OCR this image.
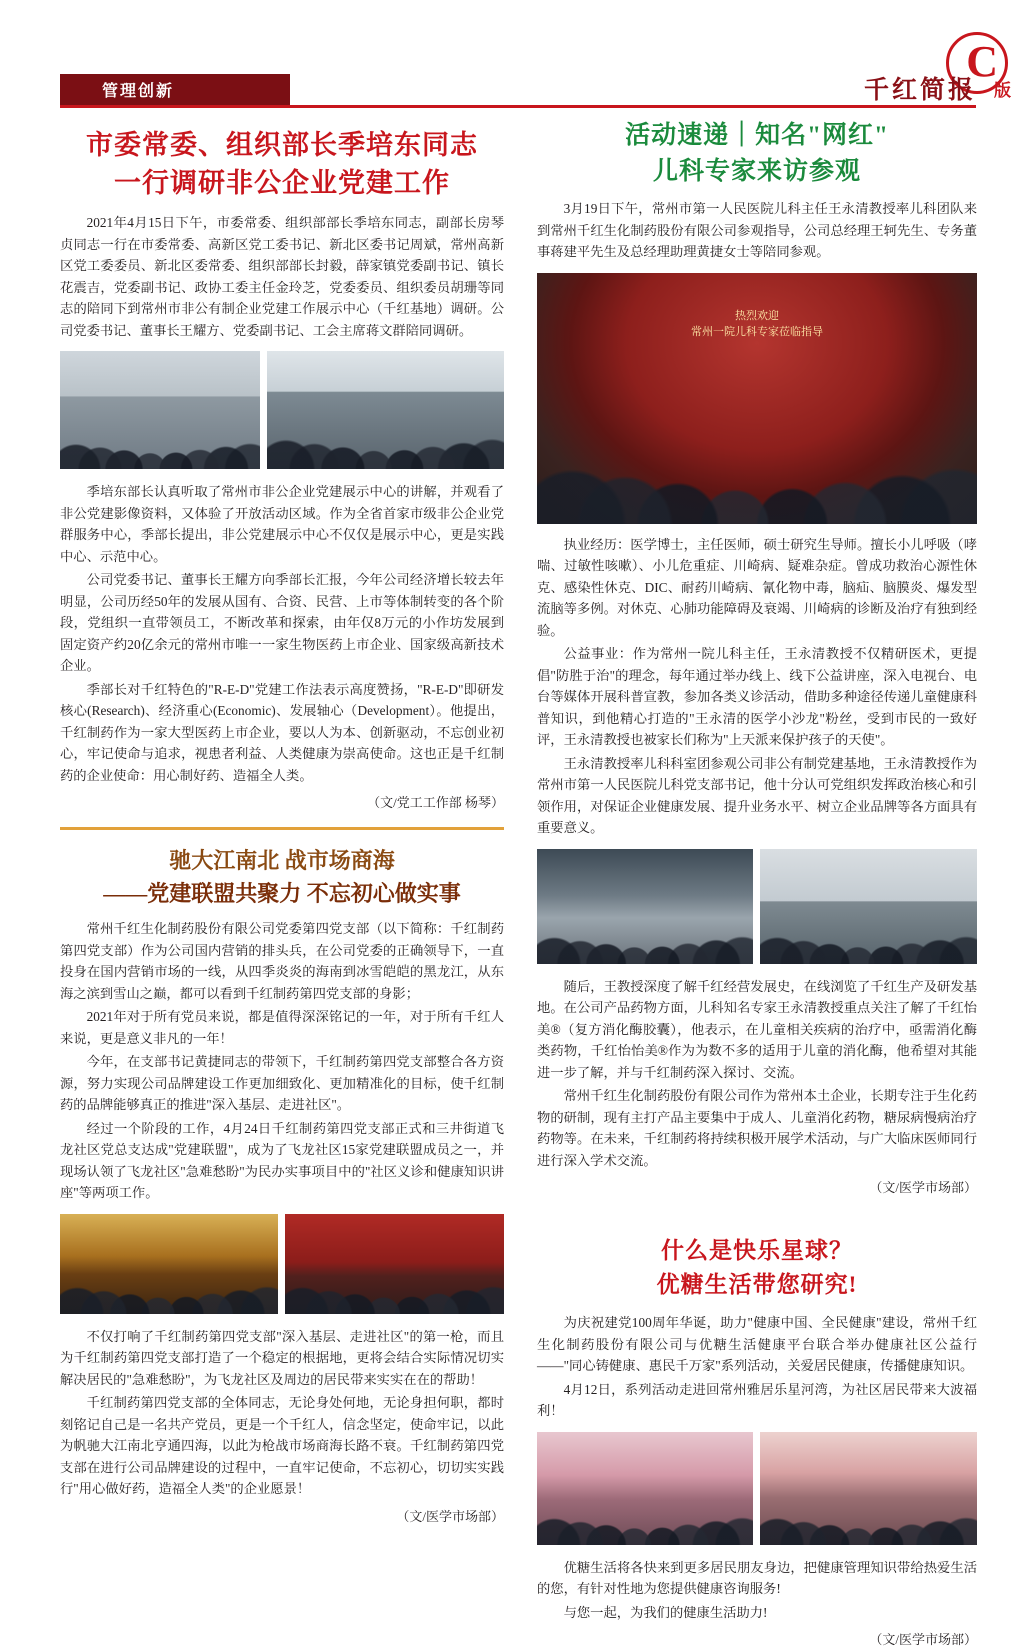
C
版
管理创新	千红简报
市委常委、组织部长季培东同志
一行调研非公企业党建工作

2021年4月15日下午，市委常委、组织部部长季培东同志，副部长房琴贞同志一行在市委常委、高新区党工委书记、新北区委书记周斌，常州高新区党工委委员、新北区委常委、组织部部长封毅，薛家镇党委副书记、镇长花震吉，党委副书记、政协工委主任金玲芝，党委委员、组织委员胡珊等同志的陪同下到常州市非公有制企业党建工作展示中心（千红基地）调研。公司党委书记、董事长王耀方、党委副书记、工会主席蒋文群陪同调研。

季培东部长认真听取了常州市非公企业党建展示中心的讲解，并观看了非公党建影像资料，又体验了开放活动区域。作为全省首家市级非公企业党群服务中心，季部长提出，非公党建展示中心不仅仅是展示中心，更是实践中心、示范中心。

公司党委书记、董事长王耀方向季部长汇报，今年公司经济增长较去年明显，公司历经50年的发展从国有、合资、民营、上市等体制转变的各个阶段，党组织一直带领员工，不断改革和探索，由年仅8万元的小作坊发展到固定资产约20亿余元的常州市唯一一家生物医药上市企业、国家级高新技术企业。

季部长对千红特色的"R-E-D"党建工作法表示高度赞扬，"R-E-D"即研发核心(Research)、经济重心(Economic)、发展轴心（Development）。他提出，千红制药作为一家大型医药上市企业，要以人为本、创新驱动，不忘创业初心，牢记使命与追求，视患者利益、人类健康为崇高使命。这也正是千红制药的企业使命：用心制好药、造福全人类。

（文/党工工作部 杨琴）

驰大江南北 战市场商海
——党建联盟共聚力 不忘初心做实事

常州千红生化制药股份有限公司党委第四党支部（以下简称：千红制药第四党支部）作为公司国内营销的排头兵，在公司党委的正确领导下，一直投身在国内营销市场的一线，从四季炎炎的海南到冰雪皑皑的黑龙江，从东海之滨到雪山之巅，都可以看到千红制药第四党支部的身影；

2021年对于所有党员来说，都是值得深深铭记的一年，对于所有千红人来说，更是意义非凡的一年！

今年，在支部书记黄捷同志的带领下，千红制药第四党支部整合各方资源，努力实现公司品牌建设工作更加细致化、更加精准化的目标，使千红制药的品牌能够真正的推进"深入基层、走进社区"。

经过一个阶段的工作，4月24日千红制药第四党支部正式和三井街道飞龙社区党总支达成"党建联盟"，成为了飞龙社区15家党建联盟成员之一，并现场认领了飞龙社区"急难愁盼"为民办实事项目中的"社区义诊和健康知识讲座"等两项工作。

不仅打响了千红制药第四党支部"深入基层、走进社区"的第一枪，而且为千红制药第四党支部打造了一个稳定的根据地，更将会结合实际情况切实解决居民的"急难愁盼"，为飞龙社区及周边的居民带来实实在在的帮助！

千红制药第四党支部的全体同志，无论身处何地，无论身担何职，都时刻铭记自己是一名共产党员，更是一个千红人，信念坚定，使命牢记，以此为帆驰大江南北亨通四海，以此为枪战市场商海长路不衰。千红制药第四党支部在进行公司品牌建设的过程中，一直牢记使命，不忘初心，切切实实践行"用心做好药，造福全人类"的企业愿景！

（文/医学市场部）

活动速递｜知名"网红"
儿科专家来访参观

3月19日下午，常州市第一人民医院儿科主任王永清教授率儿科团队来到常州千红生化制药股份有限公司参观指导，公司总经理王轲先生、专务董事蒋建平先生及总经理助理黄捷女士等陪同参观。

热烈欢迎
常州一院儿科专家莅临指导

执业经历：医学博士，主任医师，硕士研究生导师。擅长小儿呼吸（哮喘、过敏性咳嗽）、小儿危重症、川崎病、疑难杂症。曾成功救治心源性休克、感染性休克、DIC、耐药川崎病、氰化物中毒，脑疝、脑膜炎、爆发型流脑等多例。对休克、心肺功能障碍及衰竭、川崎病的诊断及治疗有独到经验。

公益事业：作为常州一院儿科主任，王永清教授不仅精研医术，更提倡"防胜于治"的理念，每年通过举办线上、线下公益讲座，深入电视台、电台等媒体开展科普宣教，参加各类义诊活动，借助多种途径传递儿童健康科普知识，到他精心打造的"王永清的医学小沙龙"粉丝，受到市民的一致好评，王永清教授也被家长们称为"上天派来保护孩子的天使"。

王永清教授率儿科科室团参观公司非公有制党建基地，王永清教授作为常州市第一人民医院儿科党支部书记，他十分认可党组织发挥政治核心和引领作用，对保证企业健康发展、提升业务水平、树立企业品牌等各方面具有重要意义。

随后，王教授深度了解千红经营发展史，在线浏览了千红生产及研发基地。在公司产品药物方面，儿科知名专家王永清教授重点关注了解了千红怡美®（复方消化酶胶囊），他表示，在儿童相关疾病的治疗中，亟需消化酶类药物，千红怡怡美®作为为数不多的适用于儿童的消化酶，他希望对其能进一步了解，并与千红制药深入探讨、交流。

常州千红生化制药股份有限公司作为常州本土企业，长期专注于生化药物的研制，现有主打产品主要集中于成人、儿童消化药物，糖尿病慢病治疗药物等。在未来，千红制药将持续积极开展学术活动，与广大临床医师同行进行深入学术交流。

（文/医学市场部）

什么是快乐星球？
优糖生活带您研究!

为庆祝建党100周年华诞，助力"健康中国、全民健康"建设，常州千红生化制药股份有限公司与优糖生活健康平台联合举办健康社区公益行——"同心铸健康、惠民千万家"系列活动，关爱居民健康，传播健康知识。

4月12日，系列活动走进回常州雅居乐星河湾，为社区居民带来大波福利！

优糖生活将各快来到更多居民朋友身边，把健康管理知识带给热爱生活的您，有针对性地为您提供健康咨询服务!

与您一起，为我们的健康生活助力!

（文/医学市场部）
